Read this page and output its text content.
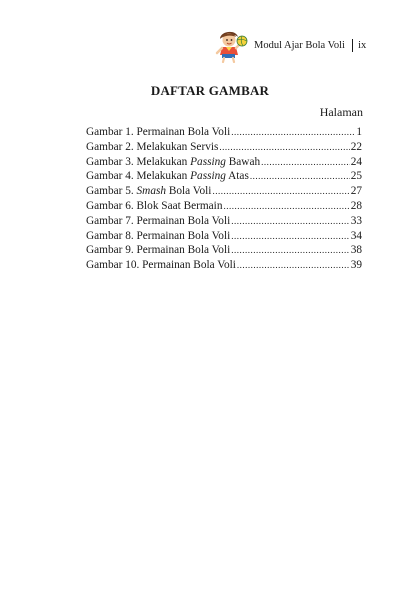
Modul Ajar Bola Voli ix
DAFTAR GAMBAR
Halaman
Gambar 1. Permainan Bola Voli .....	1
Gambar 2. Melakukan Servis .....	22
Gambar 3. Melakukan Passing Bawah .....	24
Gambar 4. Melakukan Passing Atas .....	25
Gambar 5. Smash Bola Voli .....	27
Gambar 6. Blok Saat Bermain .....	28
Gambar 7. Permainan Bola Voli .....	33
Gambar 8. Permainan Bola Voli .....	34
Gambar 9. Permainan Bola Voli .....	38
Gambar 10. Permainan Bola Voli .....	39
